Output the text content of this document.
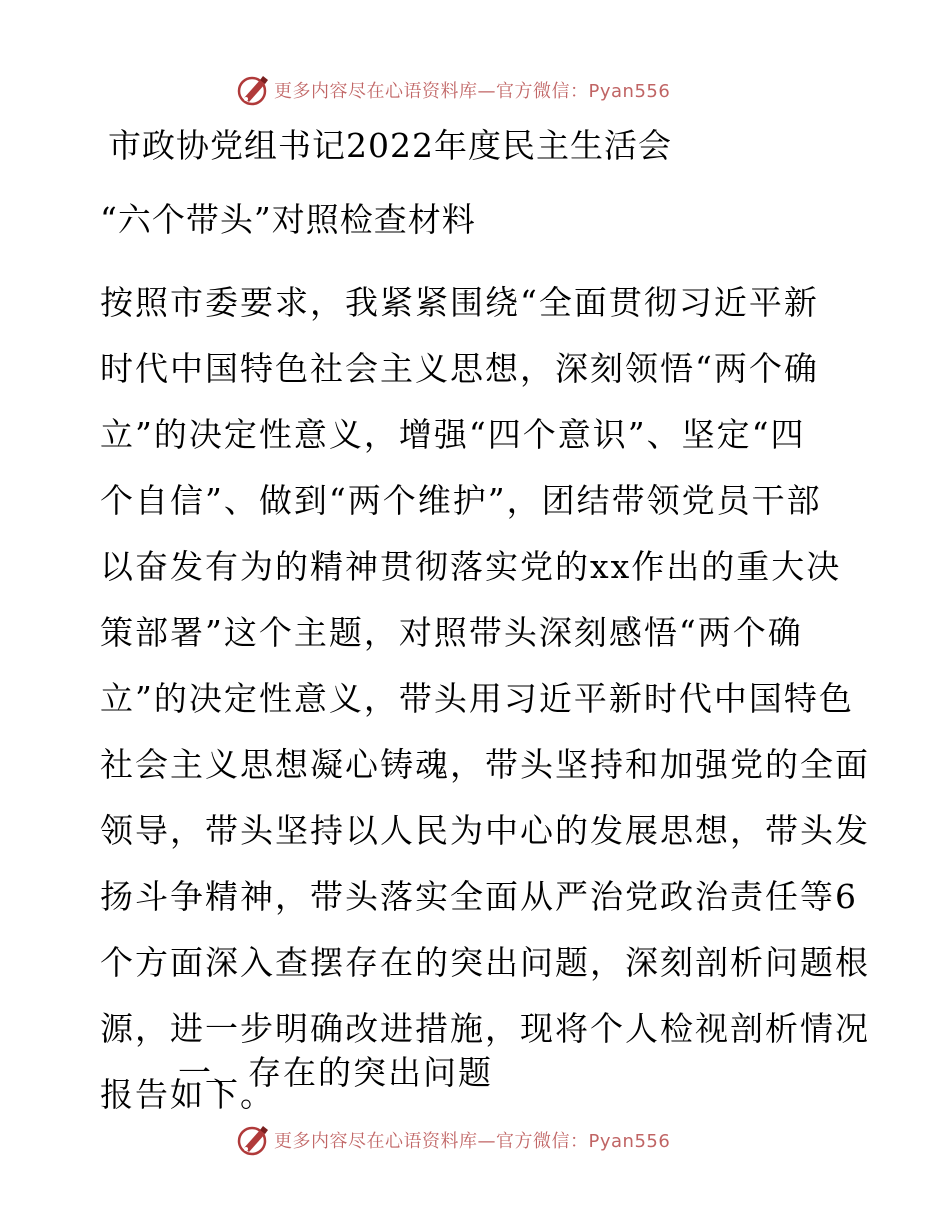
更多内容尽在心语资料库—官方微信：Pyan556
市政协党组书记2022年度民主生活会
“六个带头”对照检查材料
按照市委要求，我紧紧围绕“全面贯彻习近平新
时代中国特色社会主义思想，深刻领悟“两个确
立”的决定性意义，增强“四个意识”、坚定“四
个自信”、做到“两个维护”，团结带领党员干部
以奋发有为的精神贯彻落实党的xx作出的重大决
策部署”这个主题，对照带头深刻感悟“两个确
立”的决定性意义，带头用习近平新时代中国特色
社会主义思想凝心铸魂，带头坚持和加强党的全面
领导，带头坚持以人民为中心的发展思想，带头发
扬斗争精神，带头落实全面从严治党政治责任等6
个方面深入查摆存在的突出问题，深刻剖析问题根
源，进一步明确改进措施，现将个人检视剖析情况
报告如下。
一、存在的突出问题
更多内容尽在心语资料库—官方微信：Pyan556
